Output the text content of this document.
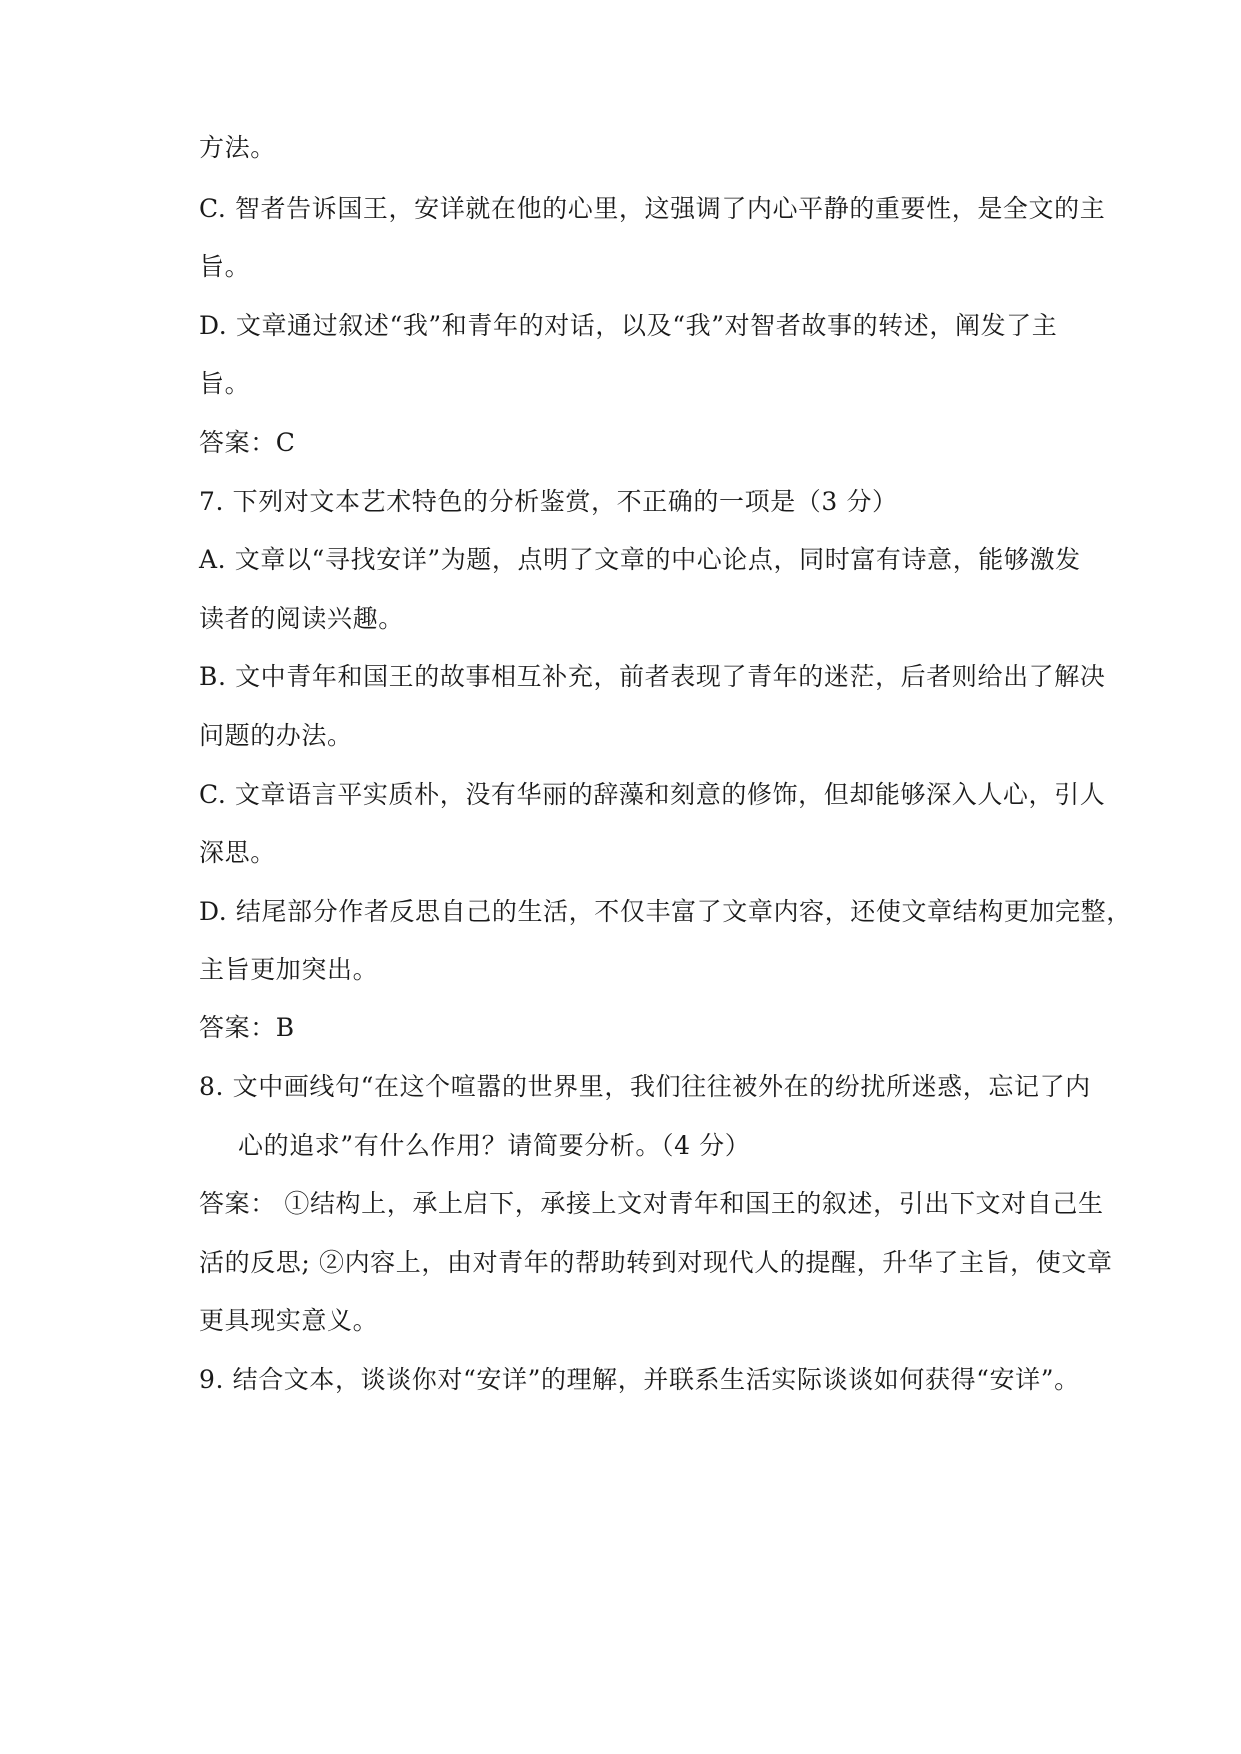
方法。
C. 智者告诉国王，安详就在他的心里，这强调了内心平静的重要性，是全文的主
旨。
D. 文章通过叙述“我”和青年的对话，以及“我”对智者故事的转述，阐发了主
旨。
答案：C
7. 下列对文本艺术特色的分析鉴赏，不正确的一项是（3 分）
A. 文章以“寻找安详”为题，点明了文章的中心论点，同时富有诗意，能够激发
读者的阅读兴趣。
B. 文中青年和国王的故事相互补充，前者表现了青年的迷茫，后者则给出了解决
问题的办法。
C. 文章语言平实质朴，没有华丽的辞藻和刻意的修饰，但却能够深入人心，引人
深思。
D. 结尾部分作者反思自己的生活，不仅丰富了文章内容，还使文章结构更加完整，
主旨更加突出。
答案：B
8. 文中画线句“在这个喧嚣的世界里，我们往往被外在的纷扰所迷惑，忘记了内
心的追求”有什么作用？请简要分析。（4 分）
答案： ①结构上，承上启下，承接上文对青年和国王的叙述，引出下文对自己生
活的反思; ②内容上，由对青年的帮助转到对现代人的提醒，升华了主旨，使文章
更具现实意义。
9. 结合文本，谈谈你对“安详”的理解，并联系生活实际谈谈如何获得“安详”。
